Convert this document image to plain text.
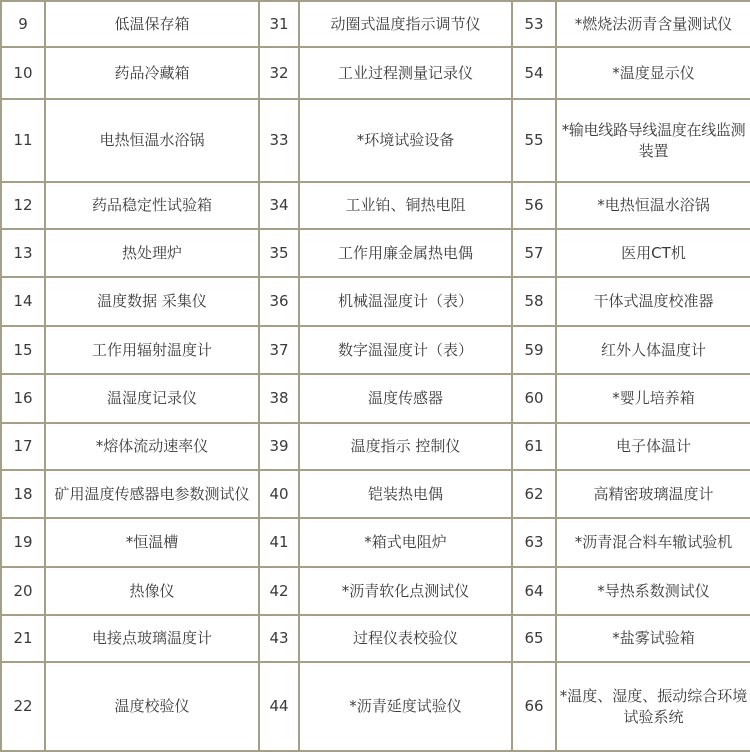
9	低温保存箱	31	动圈式温度指示调节仪	53	*燃烧法沥青含量测试仪
10	药品冷藏箱	32	工业过程测量记录仪	54	*温度显示仪
11	电热恒温水浴锅	33	*环境试验设备	55	*输电线路导线温度在线监测装置
12	药品稳定性试验箱	34	工业铂、铜热电阻	56	*电热恒温水浴锅
13	热处理炉	35	工作用廉金属热电偶	57	医用CT机
14	温度数据 采集仪	36	机械温湿度计（表）	58	干体式温度校准器
15	工作用辐射温度计	37	数字温湿度计（表）	59	红外人体温度计
16	温湿度记录仪	38	温度传感器	60	*婴儿培养箱
17	*熔体流动速率仪	39	温度指示 控制仪	61	电子体温计
18	矿用温度传感器电参数测试仪	40	铠装热电偶	62	高精密玻璃温度计
19	*恒温槽	41	*箱式电阻炉	63	*沥青混合料车辙试验机
20	热像仪	42	*沥青软化点测试仪	64	*导热系数测试仪
21	电接点玻璃温度计	43	过程仪表校验仪	65	*盐雾试验箱
22	温度校验仪	44	*沥青延度试验仪	66	*温度、湿度、振动综合环境试验系统
